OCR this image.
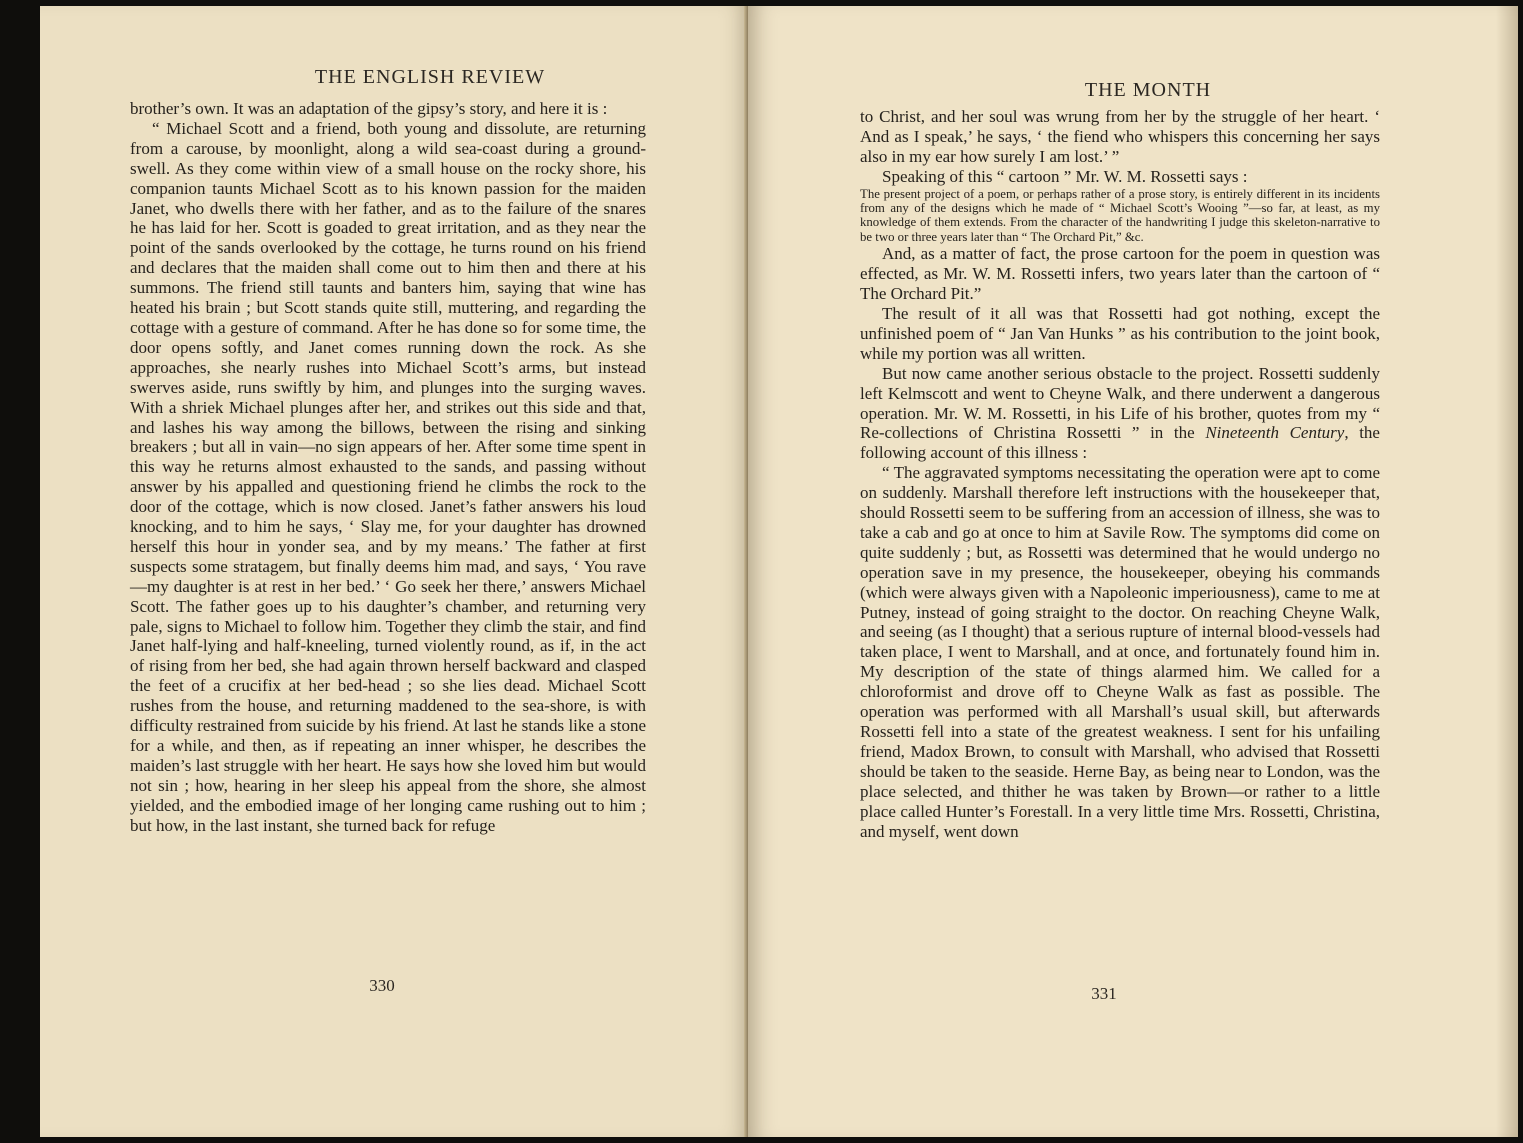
THE ENGLISH REVIEW

brother’s own. It was an adaptation of the gipsy’s story, and here it is :

“ Michael Scott and a friend, both young and dissolute, are returning from a carouse, by moonlight, along a wild sea-coast during a ground-swell. As they come within view of a small house on the rocky shore, his companion taunts Michael Scott as to his known passion for the maiden Janet, who dwells there with her father, and as to the failure of the snares he has laid for her. Scott is goaded to great irritation, and as they near the point of the sands overlooked by the cottage, he turns round on his friend and declares that the maiden shall come out to him then and there at his summons. The friend still taunts and banters him, saying that wine has heated his brain ; but Scott stands quite still, muttering, and regarding the cottage with a gesture of command. After he has done so for some time, the door opens softly, and Janet comes running down the rock. As she approaches, she nearly rushes into Michael Scott’s arms, but instead swerves aside, runs swiftly by him, and plunges into the surging waves. With a shriek Michael plunges after her, and strikes out this side and that, and lashes his way among the billows, between the rising and sinking breakers ; but all in vain—no sign appears of her. After some time spent in this way he returns almost exhausted to the sands, and passing without answer by his appalled and questioning friend he climbs the rock to the door of the cottage, which is now closed. Janet’s father answers his loud knocking, and to him he says, ‘ Slay me, for your daughter has drowned herself this hour in yonder sea, and by my means.’ The father at first suspects some stratagem, but finally deems him mad, and says, ‘ You rave—my daughter is at rest in her bed.’ ‘ Go seek her there,’ answers Michael Scott. The father goes up to his daughter’s chamber, and returning very pale, signs to Michael to follow him. Together they climb the stair, and find Janet half-lying and half-kneeling, turned violently round, as if, in the act of rising from her bed, she had again thrown herself backward and clasped the feet of a crucifix at her bed-head ; so she lies dead. Michael Scott rushes from the house, and returning maddened to the sea-shore, is with difficulty restrained from suicide by his friend. At last he stands like a stone for a while, and then, as if repeating an inner whisper, he describes the maiden’s last struggle with her heart. He says how she loved him but would not sin ; how, hearing in her sleep his appeal from the shore, she almost yielded, and the embodied image of her longing came rushing out to him ; but how, in the last instant, she turned back for refuge

330
THE MONTH

to Christ, and her soul was wrung from her by the struggle of her heart. ‘ And as I speak,’ he says, ‘ the fiend who whispers this concerning her says also in my ear how surely I am lost.’ ”

Speaking of this “ cartoon ” Mr. W. M. Rossetti says :

The present project of a poem, or perhaps rather of a prose story, is entirely different in its incidents from any of the designs which he made of “ Michael Scott’s Wooing ”—so far, at least, as my knowledge of them extends. From the character of the handwriting I judge this skeleton-narrative to be two or three years later than “ The Orchard Pit,” &c.

And, as a matter of fact, the prose cartoon for the poem in question was effected, as Mr. W. M. Rossetti infers, two years later than the cartoon of “ The Orchard Pit.”

The result of it all was that Rossetti had got nothing, except the unfinished poem of “ Jan Van Hunks ” as his contribution to the joint book, while my portion was all written.

But now came another serious obstacle to the project. Rossetti suddenly left Kelmscott and went to Cheyne Walk, and there underwent a dangerous operation. Mr. W. M. Rossetti, in his Life of his brother, quotes from my “ Re-collections of Christina Rossetti ” in the Nineteenth Century, the following account of this illness :

“ The aggravated symptoms necessitating the operation were apt to come on suddenly. Marshall therefore left instructions with the housekeeper that, should Rossetti seem to be suffering from an accession of illness, she was to take a cab and go at once to him at Savile Row. The symptoms did come on quite suddenly ; but, as Rossetti was determined that he would undergo no operation save in my presence, the housekeeper, obeying his commands (which were always given with a Napoleonic imperiousness), came to me at Putney, instead of going straight to the doctor. On reaching Cheyne Walk, and seeing (as I thought) that a serious rupture of internal blood-vessels had taken place, I went to Marshall, and at once, and fortunately found him in. My description of the state of things alarmed him. We called for a chloroformist and drove off to Cheyne Walk as fast as possible. The operation was performed with all Marshall’s usual skill, but afterwards Rossetti fell into a state of the greatest weakness. I sent for his unfailing friend, Madox Brown, to consult with Marshall, who advised that Rossetti should be taken to the seaside. Herne Bay, as being near to London, was the place selected, and thither he was taken by Brown—or rather to a little place called Hunter’s Forestall. In a very little time Mrs. Rossetti, Christina, and myself, went down

331
